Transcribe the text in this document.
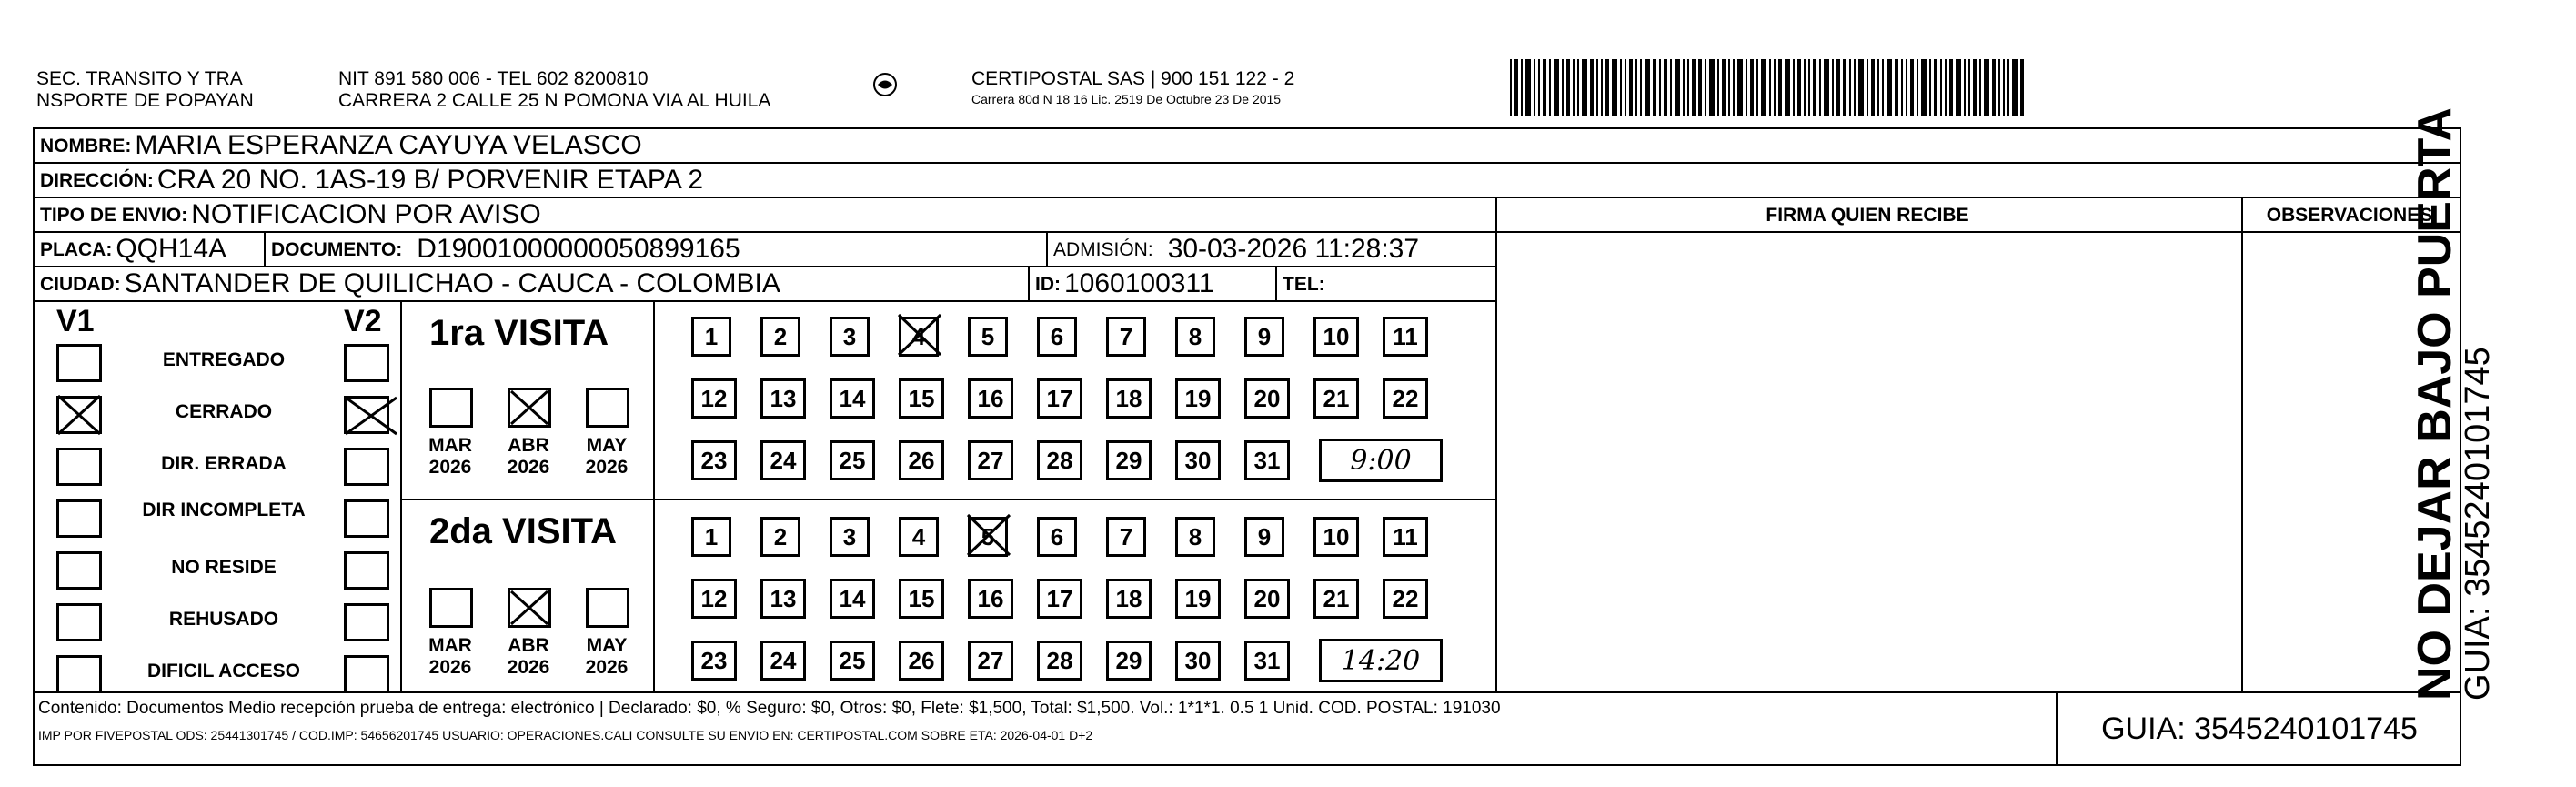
SEC. TRANSITO Y TRA
NSPORTE DE POPAYAN
NIT 891 580 006 - TEL 602 8200810
CARRERA 2 CALLE 25 N POMONA VIA AL HUILA
CERTIPOSTAL SAS | 900 151 122 - 2
Carrera 80d N 18 16 Lic. 2519 De Octubre 23 De 2015
NOMBRE: MARIA ESPERANZA CAYUYA VELASCO
DIRECCIÓN: CRA 20 NO. 1AS-19 B/ PORVENIR ETAPA 2
TIPO DE ENVIO: NOTIFICACION POR AVISO	FIRMA QUIEN RECIBE	OBSERVACIONES
PLACA: QQH14A DOCUMENTO: D19001000000050899165	ADMISIÓN: 30-03-2026 11:28:37
CIUDAD: SANTANDER DE QUILICHAO - CAUCA - COLOMBIA	ID: 1060100311	TEL:
V1	V2
ENTREGADO
CERRADO
DIR. ERRADA
DIR INCOMPLETA
NO RESIDE
REHUSADO
DIFICIL ACCESO
1ra VISITA
2da VISITA
MAR
2026
ABR
2026
MAY
2026
1	2	3	4	5	6	7	8	9	10	11
12	13	14	15	16	17	18	19	20	21	22
23	24	25	26	27	28	29	30	31	9:00
MAR
2026
ABR
2026
MAY
2026
1	2	3	4	5	6	7	8	9	10	11
12	13	14	15	16	17	18	19	20	21	22
23	24	25	26	27	28	29	30	31	14:20
Contenido: Documentos Medio recepción prueba de entrega: electrónico | Declarado: $0, % Seguro: $0, Otros: $0, Flete: $1,500, Total: $1,500. Vol.: 1*1*1. 0.5 1 Unid. COD. POSTAL: 191030
IMP POR FIVEPOSTAL ODS: 25441301745 / COD.IMP: 54656201745 USUARIO: OPERACIONES.CALI CONSULTE SU ENVIO EN: CERTIPOSTAL.COM SOBRE ETA: 2026-04-01 D+2	GUIA: 3545240101745
NO DEJAR BAJO PUERTA
GUIA: 3545240101745
